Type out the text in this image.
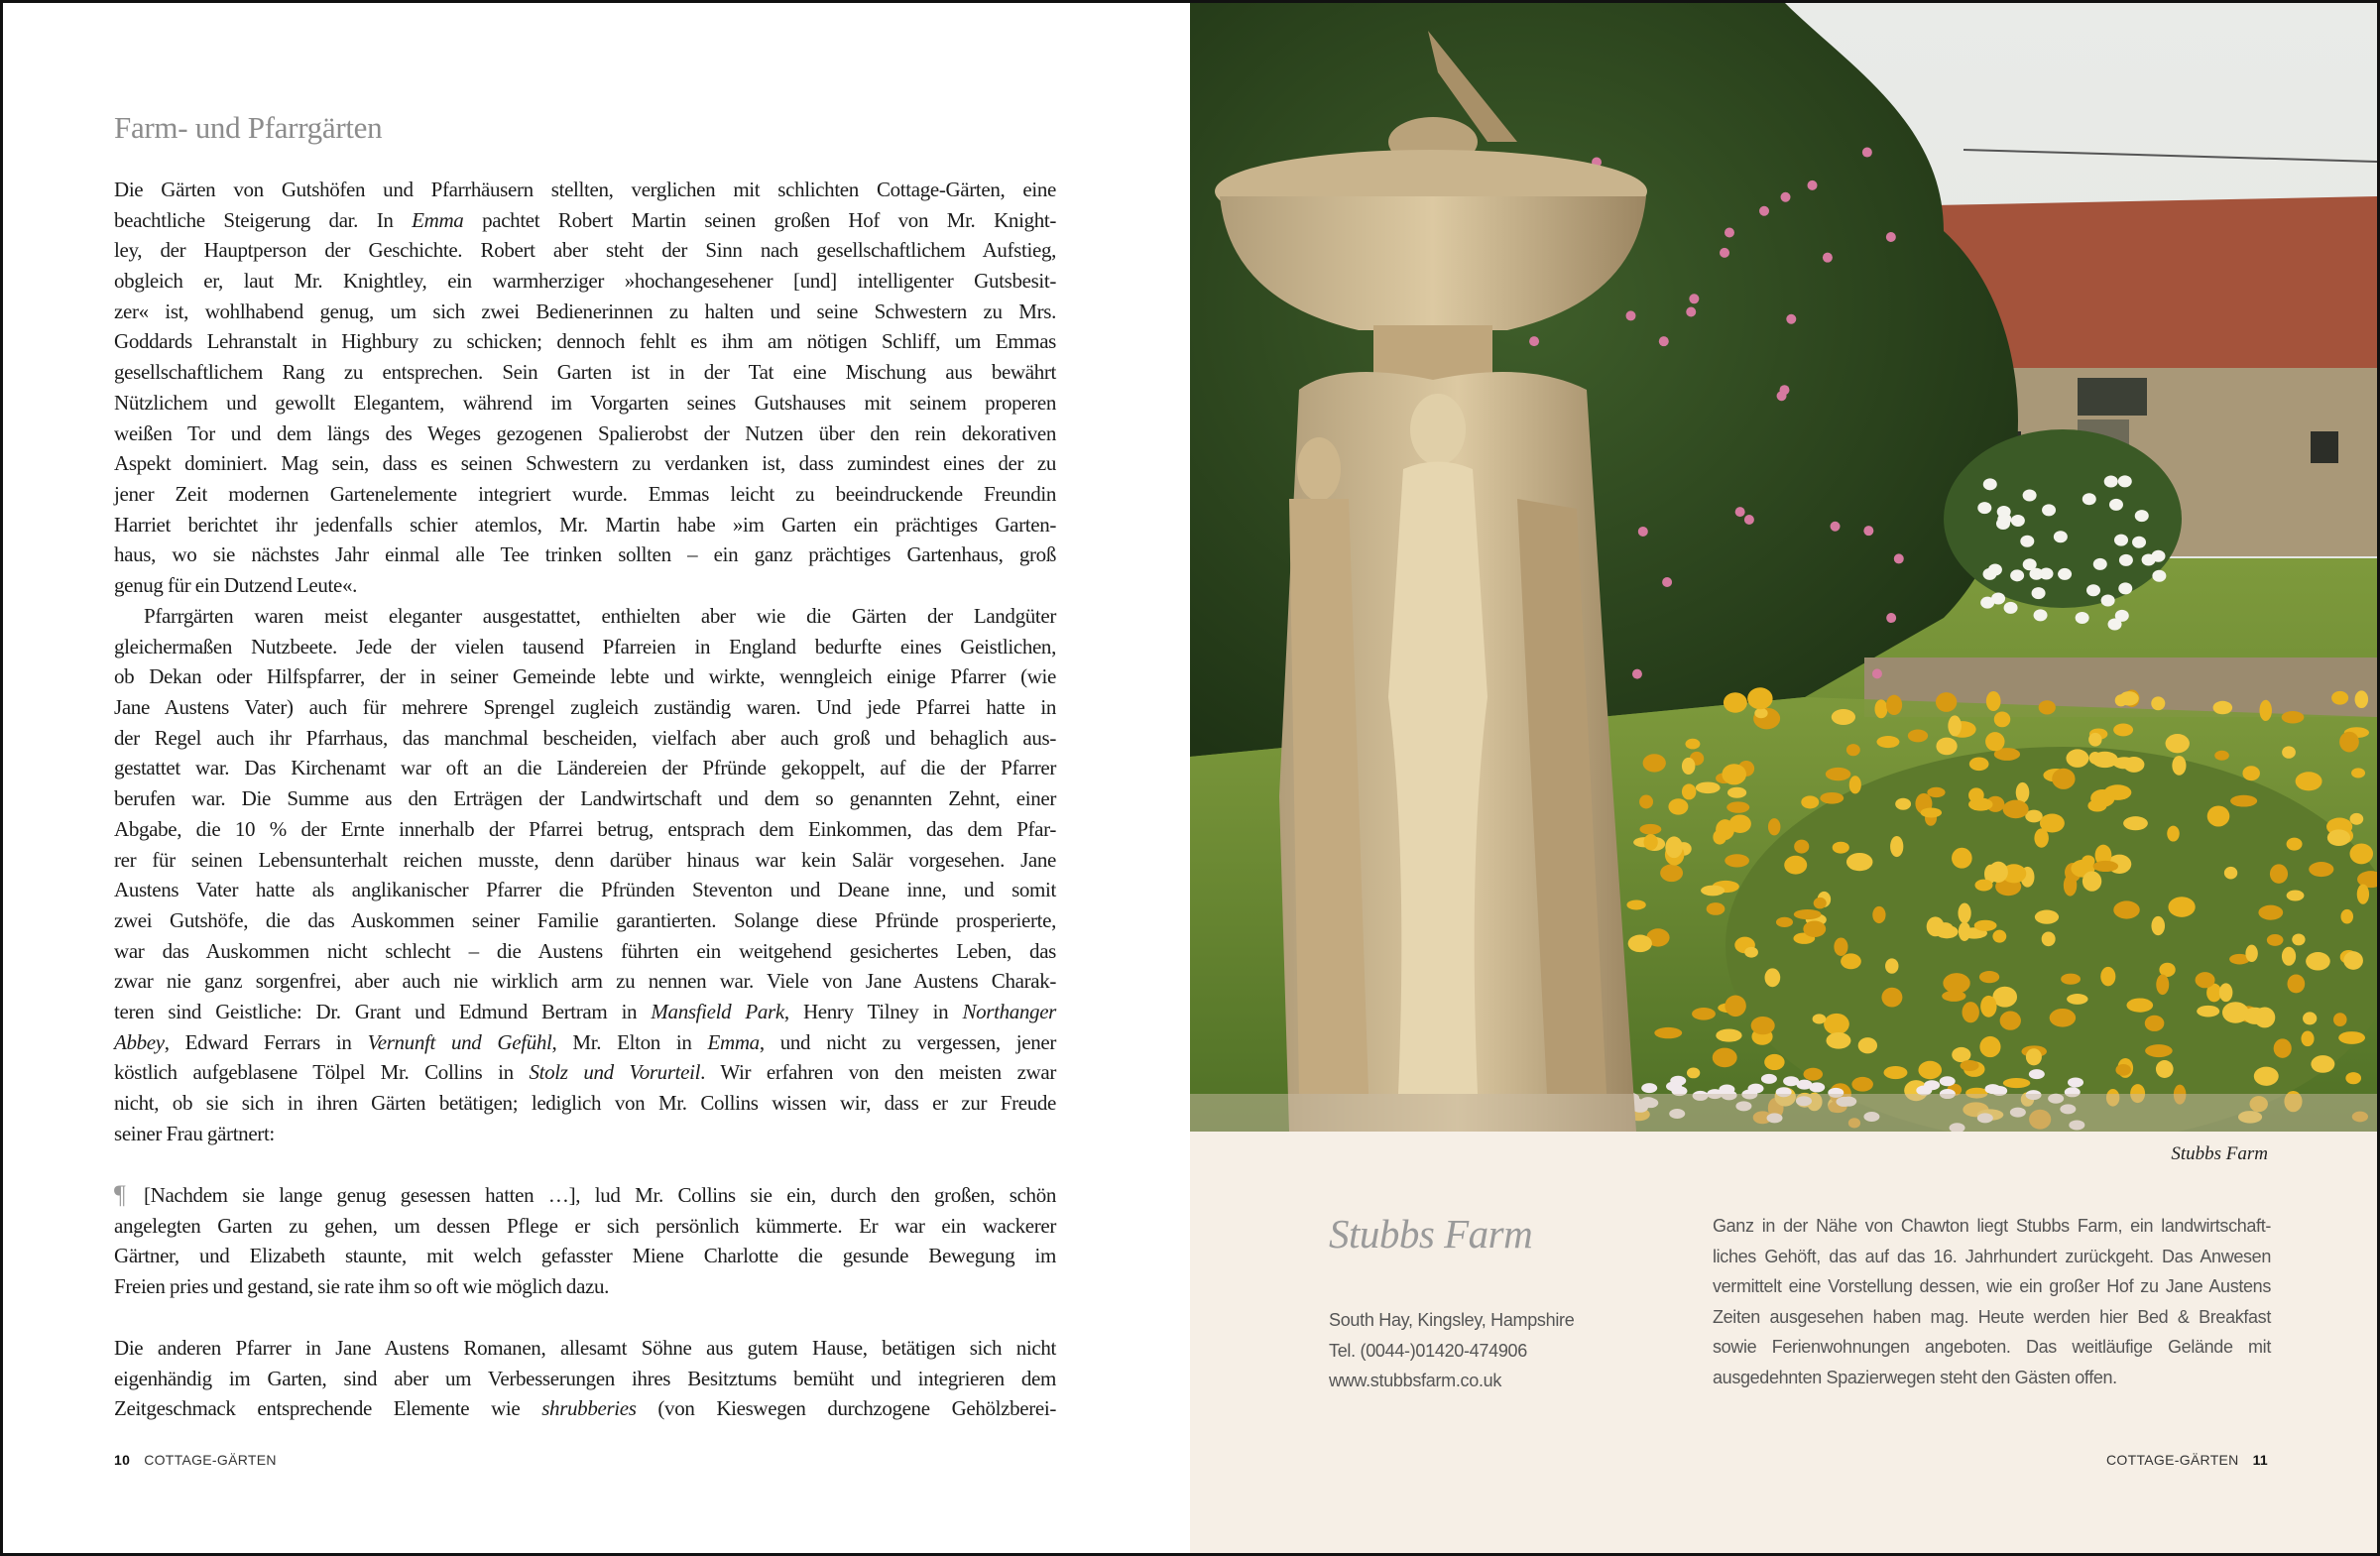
Farm- und Pfarrgärten
Die Gärten von Gutshöfen und Pfarrhäusern stellten, verglichen mit schlichten Cottage-Gärten, eine
beachtliche Steigerung dar. In Emma pachtet Robert Martin seinen großen Hof von Mr. Knight-
ley, der Hauptperson der Geschichte. Robert aber steht der Sinn nach gesellschaftlichem Aufstieg,
obgleich er, laut Mr. Knightley, ein warmherziger »hochangesehener [und] intelligenter Gutsbesit-
zer« ist, wohlhabend genug, um sich zwei Bedienerinnen zu halten und seine Schwestern zu Mrs.
Goddards Lehranstalt in Highbury zu schicken; dennoch fehlt es ihm am nötigen Schliff, um Emmas
gesellschaftlichem Rang zu entsprechen. Sein Garten ist in der Tat eine Mischung aus bewährt
Nützlichem und gewollt Elegantem, während im Vorgarten seines Gutshauses mit seinem properen
weißen Tor und dem längs des Weges gezogenen Spalierobst der Nutzen über den rein dekorativen
Aspekt dominiert. Mag sein, dass es seinen Schwestern zu verdanken ist, dass zumindest eines der zu
jener Zeit modernen Gartenelemente integriert wurde. Emmas leicht zu beeindruckende Freundin
Harriet berichtet ihr jedenfalls schier atemlos, Mr. Martin habe »im Garten ein prächtiges Garten-
haus, wo sie nächstes Jahr einmal alle Tee trinken sollten – ein ganz prächtiges Gartenhaus, groß
genug für ein Dutzend Leute«.
Pfarrgärten waren meist eleganter ausgestattet, enthielten aber wie die Gärten der Landgüter
gleichermaßen Nutzbeete. Jede der vielen tausend Pfarreien in England bedurfte eines Geistlichen,
ob Dekan oder Hilfspfarrer, der in seiner Gemeinde lebte und wirkte, wenngleich einige Pfarrer (wie
Jane Austens Vater) auch für mehrere Sprengel zugleich zuständig waren. Und jede Pfarrei hatte in
der Regel auch ihr Pfarrhaus, das manchmal bescheiden, vielfach aber auch groß und behaglich aus-
gestattet war. Das Kirchenamt war oft an die Ländereien der Pfründe gekoppelt, auf die der Pfarrer
berufen war. Die Summe aus den Erträgen der Landwirtschaft und dem so genannten Zehnt, einer
Abgabe, die 10 % der Ernte innerhalb der Pfarrei betrug, entsprach dem Einkommen, das dem Pfar-
rer für seinen Lebensunterhalt reichen musste, denn darüber hinaus war kein Salär vorgesehen. Jane
Austens Vater hatte als anglikanischer Pfarrer die Pfründen Steventon und Deane inne, und somit
zwei Gutshöfe, die das Auskommen seiner Familie garantierten. Solange diese Pfründe prosperierte,
war das Auskommen nicht schlecht – die Austens führten ein weitgehend gesichertes Leben, das
zwar nie ganz sorgenfrei, aber auch nie wirklich arm zu nennen war. Viele von Jane Austens Charak-
teren sind Geistliche: Dr. Grant und Edmund Bertram in Mansfield Park, Henry Tilney in Northanger
Abbey, Edward Ferrars in Vernunft und Gefühl, Mr. Elton in Emma, und nicht zu vergessen, jener
köstlich aufgeblasene Tölpel Mr. Collins in Stolz und Vorurteil. Wir erfahren von den meisten zwar
nicht, ob sie sich in ihren Gärten betätigen; lediglich von Mr. Collins wissen wir, dass er zur Freude
seiner Frau gärtnert:
¶ [Nachdem sie lange genug gesessen hatten …], lud Mr. Collins sie ein, durch den großen, schön
angelegten Garten zu gehen, um dessen Pflege er sich persönlich kümmerte. Er war ein wackerer
Gärtner, und Elizabeth staunte, mit welch gefasster Miene Charlotte die gesunde Bewegung im
Freien pries und gestand, sie rate ihm so oft wie möglich dazu.
Die anderen Pfarrer in Jane Austens Romanen, allesamt Söhne aus gutem Hause, betätigen sich nicht
eigenhändig im Garten, sind aber um Verbesserungen ihres Besitztums bemüht und integrieren dem
Zeitgeschmack entsprechende Elemente wie shrubberies (von Kieswegen durchzogene Gehölzberei-
10 COTTAGE-GÄRTEN
Stubbs Farm
Stubbs Farm
South Hay, Kingsley, Hampshire
Tel. (0044-)01420-474906
www.stubbsfarm.co.uk
Ganz in der Nähe von Chawton liegt Stubbs Farm, ein landwirtschaft-
liches Gehöft, das auf das 16. Jahrhundert zurückgeht. Das Anwesen
vermittelt eine Vorstellung dessen, wie ein großer Hof zu Jane Austens
Zeiten ausgesehen haben mag. Heute werden hier Bed & Breakfast
sowie Ferienwohnungen angeboten. Das weitläufige Gelände mit
ausgedehnten Spazierwegen steht den Gästen offen.
COTTAGE-GÄRTEN 11
